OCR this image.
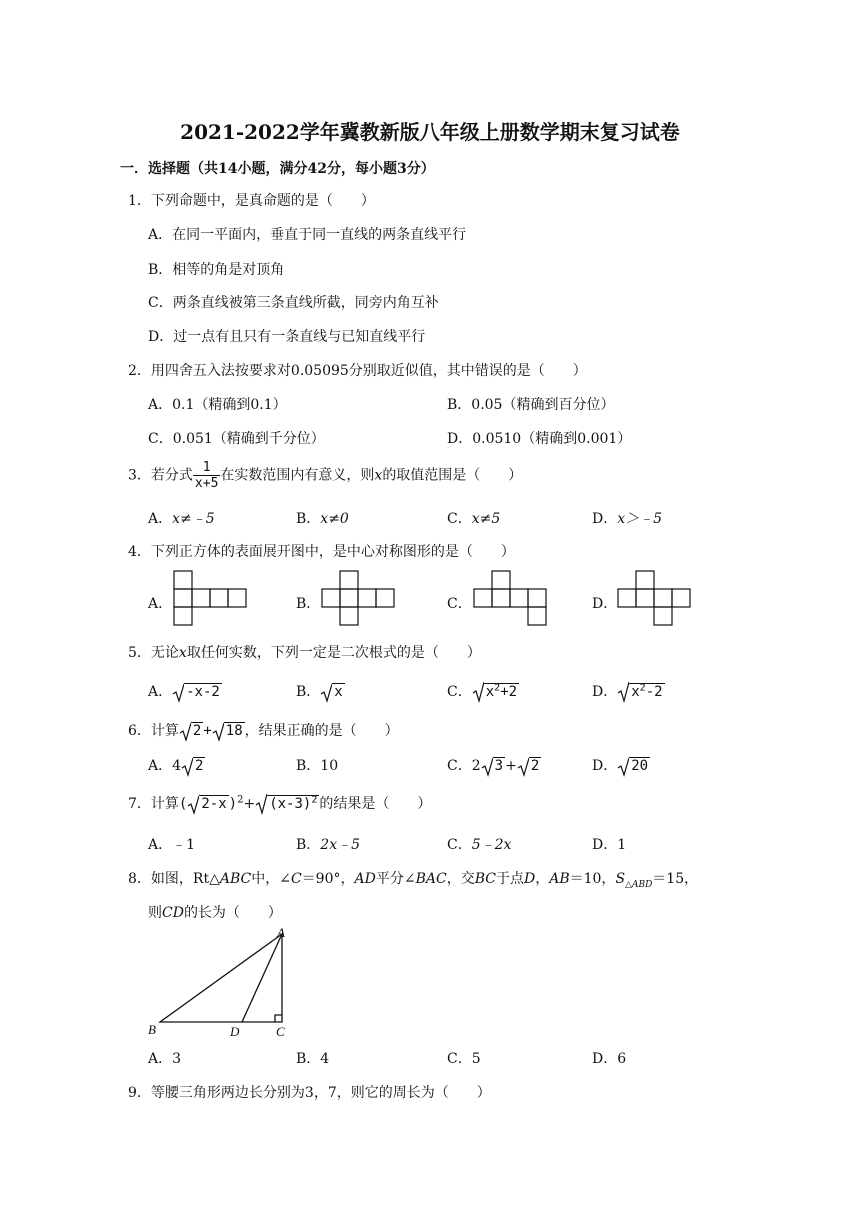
2021-2022学年冀教新版八年级上册数学期末复习试卷
一．选择题（共14小题，满分42分，每小题3分）
1．下列命题中，是真命题的是（　　）
A．在同一平面内，垂直于同一直线的两条直线平行
B．相等的角是对顶角
C．两条直线被第三条直线所截，同旁内角互补
D．过一点有且只有一条直线与已知直线平行
2．用四舍五入法按要求对0.05095分别取近似值，其中错误的是（　　）
A．0.1（精确到0.1）	B．0.05（精确到百分位）
C．0.051（精确到千分位）	D．0.0510（精确到0.001）
3．若分式 $\frac{1}{x+5}$ 在实数范围内有意义，则x的取值范围是（　　）
A．x≠﹣5	B．x≠0	C．x≠5	D．x＞﹣5
4．下列正方体的表面展开图中，是中心对称图形的是（　　）
A．	B．	C．	D．
5．无论x取任何实数，下列一定是二次根式的是（　　）
A． -x-2	B． x	C． $x^2+2$	D． $x^2-2$
6．计算 2 + 18 ，结果正确的是（　　）
A．4 2	B．10	C．2 3 + 2	D． 20
7．计算( 2-x )$^2+ (x-3)^2$ 的结果是（　　）
A．﹣1	B．2x﹣5	C．5﹣2x	D．1
8．如图，Rt△ABC中，∠C＝90°，AD平分∠BAC，交BC于点D，AB＝10，$S_{\triangle ABD}=15$，
则CD的长为（　　）
A
B	C
D
A．3	B．4	C．5	D．6
9．等腰三角形两边长分别为3，7，则它的周长为（　　）
